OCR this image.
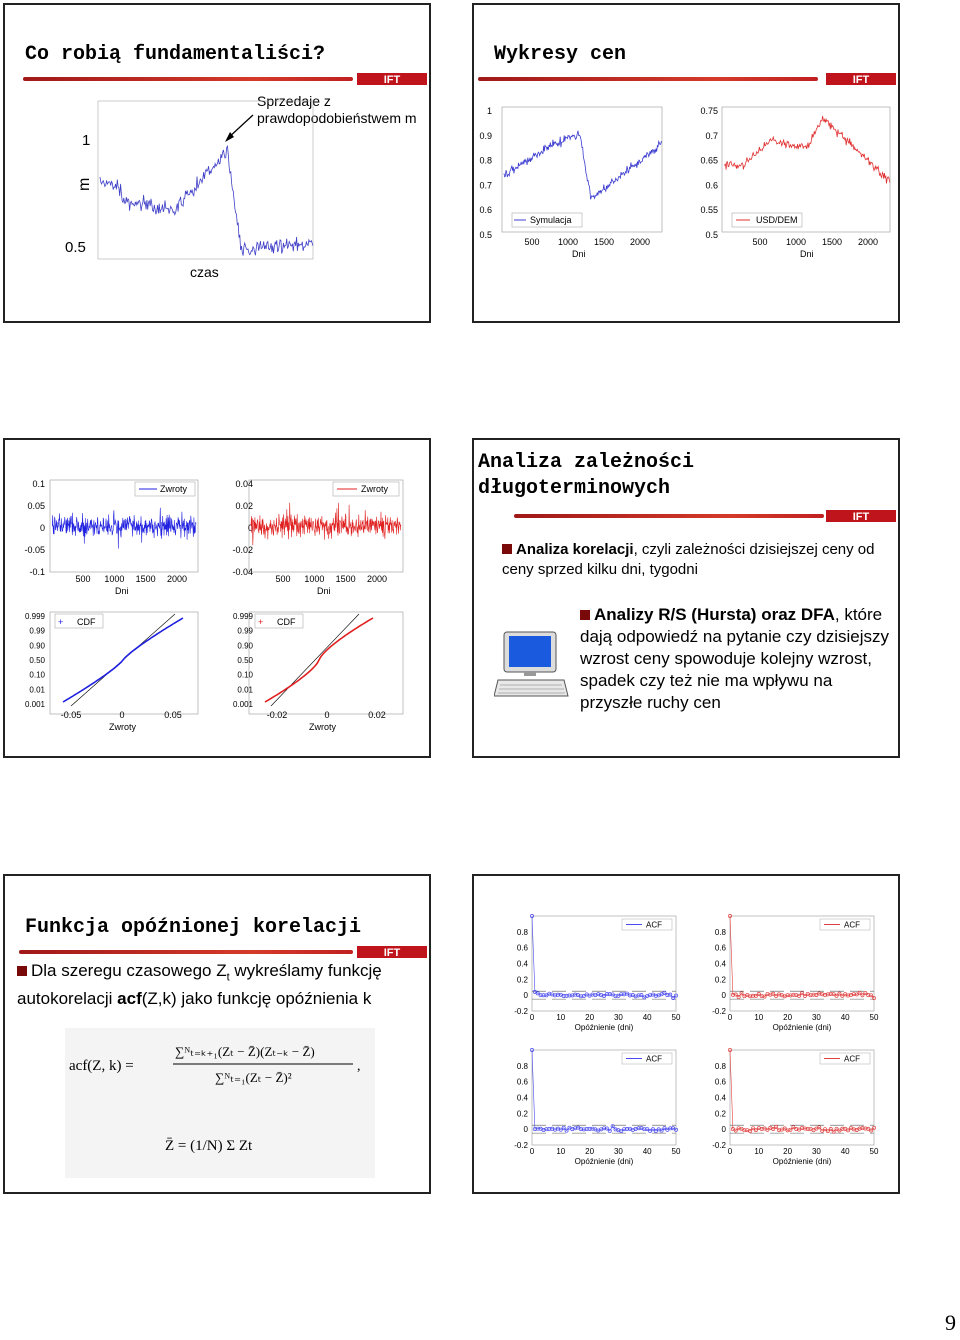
Co robią fundamentaliści?
IFT
Sprzedaje z prawdopodobieństwem m
1
0.5
m
czas
Wykresy cen
IFT
1
0.9
0.8
0.7
0.6
0.5
500 1000 1500 2000
Symulacja
Dni
0.75
0.7
0.65
0.6
0.55
0.5
500 1000 1500 2000
USD/DEM
Dni
0.1
0.05
0
-0.05
-0.1
500 1000 1500 2000
Zwroty
Dni
0.04
0.02
0
-0.02
-0.04
500 1000 1500 2000
Zwroty
Dni
0.999
0.99
0.90
0.50
0.10
0.01
0.001
-0.05	0	0.05
+ CDF
Zwroty
0.999
0.99
0.90
0.50
0.10
0.01
0.001
-0.02	0	0.02
+ CDF
Zwroty
Analiza zależności długoterminowych
IFT
Analiza korelacji, czyli zależności dzisiejszej ceny od ceny sprzed kilku dni, tygodni
Analizy R/S (Hursta) oraz DFA, które dają odpowiedź na pytanie czy dzisiejszy wzrost ceny spowoduje kolejny wzrost, spadek czy też nie ma wpływu na przyszłe ruchy cen
Funkcja opóźnionej korelacji
IFT
Dla szeregu czasowego $Z_t$ wykreślamy funkcję autokorelacji acf(Z,k) jako funkcję opóźnienia k
acf(Z, k) =
∑ᴺₜ₌ₖ₊₁(Zₜ − Z̄)(Zₜ₋ₖ − Z̄)
∑ᴺₜ₌₁(Zₜ − Z̄)²
,
Z̄ = (1/N) Σ Zt
0.8
0.6
0.4
0.2
0
-0.2
0	10 20 30 40 50
Opóźnienie (dni)
ACF
0.8
0.6
0.4
0.2
0
-0.2
0	10 20 30 40 50
Opóźnienie (dni)
ACF
0.8
0.6
0.4
0.2
0
-0.2
0	10 20 30 40 50
Opóźnienie (dni)
ACF
0.8
0.6
0.4
0.2
0
-0.2
0	10 20 30 40 50
Opóźnienie (dni)
ACF
9
